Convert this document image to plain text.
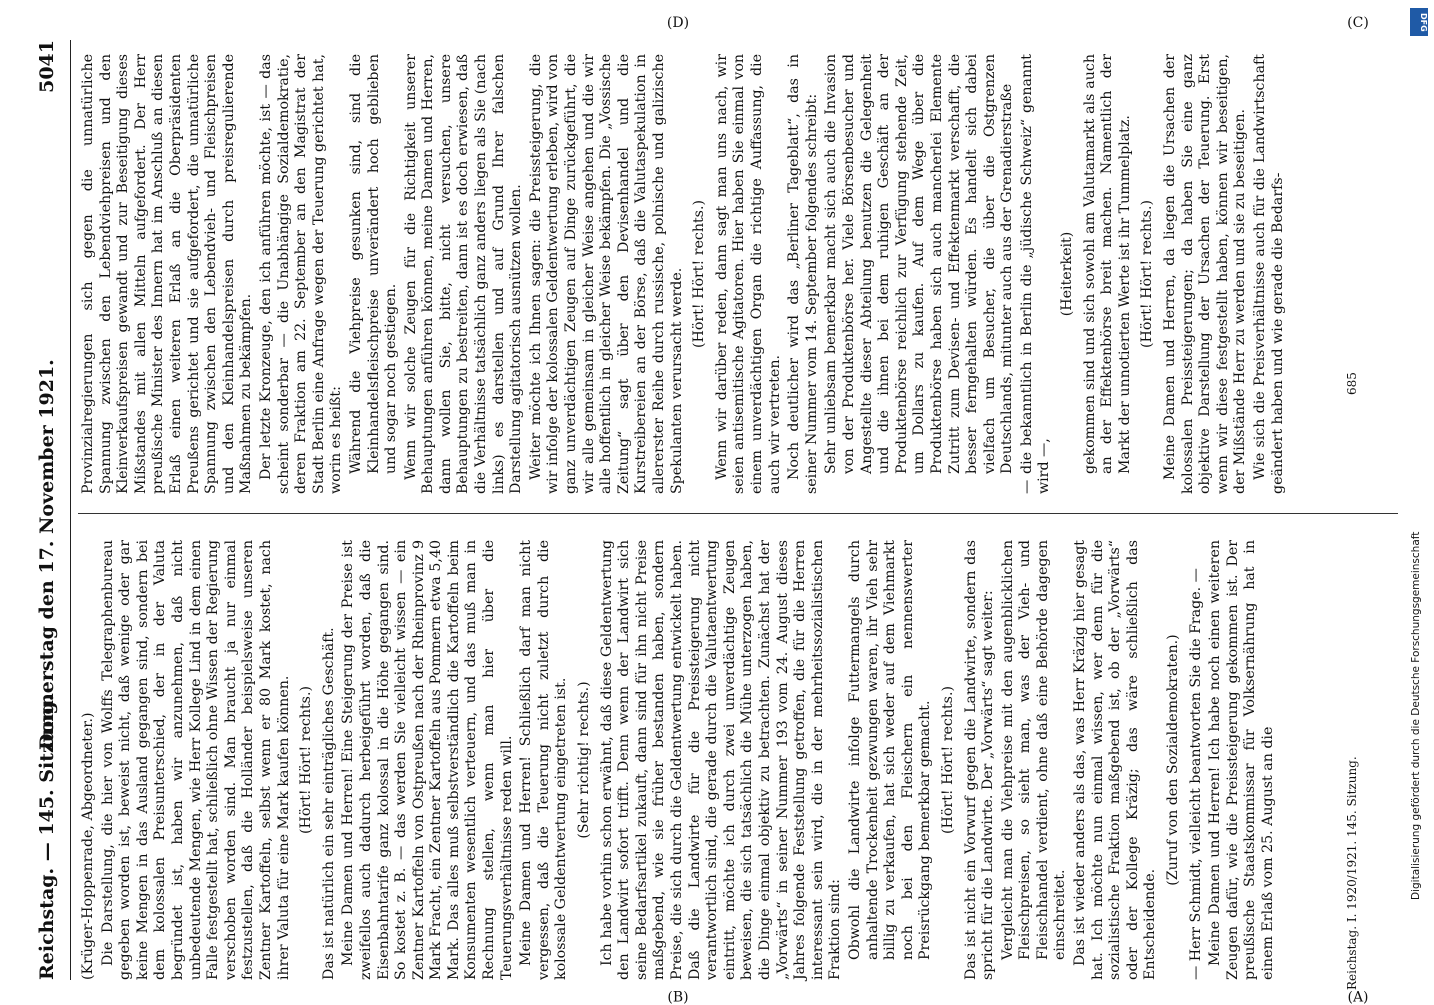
Reichstag. — 145. Sitzung.
Donnerstag den 17. November 1921.
5041

(Krüger-Hoppenrade, Abgeordneter.) Die Darstellung, die hier von Wolffs Telegraphenbureau gegeben worden ist, beweist nicht, daß wenige oder gar keine Mengen in das Ausland gegangen sind, sondern bei dem kolossalen Preisunterschied, der in der Valuta begründet ist, haben wir anzunehmen, daß nicht unbedeutende Mengen, wie Herr Kollege Lind in dem einen Falle festgestellt hat, schließlich ohne Wissen der Regierung verschoben worden sind. Man braucht ja nur einmal festzustellen, daß die Holländer beispielsweise unseren Zentner Kartoffeln, selbst wenn er 80 Mark kostet, nach ihrer Valuta für eine Mark kaufen können. (Hört! Hört! rechts.) Das ist natürlich ein sehr einträgliches Geschäft. Meine Damen und Herren! Eine Steigerung der Preise ist zweifellos auch dadurch herbeigeführt worden, daß die Eisenbahntarife ganz kolossal in die Höhe gegangen sind. So kostet z. B. — das werden Sie vielleicht wissen — ein Zentner Kartoffeln von Ostpreußen nach der Rheinprovinz 9 Mark Fracht, ein Zentner Kartoffeln aus Pommern etwa 5,40 Mark. Das alles muß selbstverständlich die Kartoffeln beim Konsumenten wesentlich verteuern, und das muß man in Rechnung stellen, wenn man hier über die Teuerungsverhältnisse reden will. Meine Damen und Herren! Schließlich darf man nicht vergessen, daß die Teuerung nicht zuletzt durch die kolossale Geldentwertung eingetreten ist. (Sehr richtig! rechts.) Ich habe vorhin schon erwähnt, daß diese Geldentwertung den Landwirt sofort trifft. Denn wenn der Landwirt sich seine Bedarfsartikel zukauft, dann sind für ihn nicht Preise maßgebend, wie sie früher bestanden haben, sondern Preise, die sich durch die Geldentwertung entwickelt haben. Daß die Landwirte für die Preissteigerung nicht verantwortlich sind, die gerade durch die Valutaentwertung eintritt, möchte ich durch zwei unverdächtige Zeugen beweisen, die sich tatsächlich die Mühe unterzogen haben, die Dinge einmal objektiv zu betrachten. Zunächst hat der „Vorwärts“ in seiner Nummer 193 vom 24. August dieses Jahres folgende Feststellung getroffen, die für die Herren interessant sein wird, die in der mehrheitssozialistischen Fraktion sind: Obwohl die Landwirte infolge Futtermangels durch anhaltende Trockenheit gezwungen waren, ihr Vieh sehr billig zu verkaufen, hat sich weder auf dem Viehmarkt noch bei den Fleischern ein nennenswerter Preisrückgang bemerkbar gemacht. (Hört! Hört! rechts.) Das ist nicht ein Vorwurf gegen die Landwirte, sondern das spricht für die Landwirte. Der „Vorwärts“ sagt weiter: Vergleicht man die Viehpreise mit den augenblicklichen Fleischpreisen, so sieht man, was der Vieh- und Fleischhandel verdient, ohne daß eine Behörde dagegen einschreitet. Das ist wieder anders als das, was Herr Kräzig hier gesagt hat. Ich möchte nun einmal wissen, wer denn für die sozialistische Fraktion maßgebend ist, ob der „Vorwärts“ oder der Kollege Kräzig; das wäre schließlich das Entscheidende.

(Zuruf von den Sozialdemokraten.) — Herr Schmidt, vielleicht beantworten Sie die Frage. — Meine Damen und Herren! Ich habe noch einen weiteren Zeugen dafür, wie die Preissteigerung gekommen ist. Der preußische Staatskommissar für Volksernährung hat in einem Erlaß vom 25. August an die

Provinzialregierungen sich gegen die unnatürliche Spannung zwischen den Lebendviehpreisen und den Kleinverkaufspreisen gewandt und zur Beseitigung dieses Mißstandes mit allen Mitteln aufgefordert. Der Herr preußische Minister des Innern hat im Anschluß an diesen Erlaß einen weiteren Erlaß an die Oberpräsidenten Preußens gerichtet und sie aufgefordert, die unnatürliche Spannung zwischen den Lebendvieh- und Fleischpreisen und den Kleinhandelspreisen durch preisregulierende Maßnahmen zu bekämpfen. Der letzte Kronzeuge, den ich anführen möchte, ist — das scheint sonderbar — die Unabhängige Sozialdemokratie, deren Fraktion am 22. September an den Magistrat der Stadt Berlin eine Anfrage wegen der Teuerung gerichtet hat, worin es heißt: Während die Viehpreise gesunken sind, sind die Kleinhandelsfleischpreise unverändert hoch geblieben und sogar noch gestiegen. Wenn wir solche Zeugen für die Richtigkeit unserer Behauptungen anführen können, meine Damen und Herren, dann wollen Sie, bitte, nicht versuchen, unsere Behauptungen zu bestreiten, dann ist es doch erwiesen, daß die Verhältnisse tatsächlich ganz anders liegen als Sie (nach links) es darstellen und auf Grund Ihrer falschen Darstellung agitatorisch ausnützen wollen. Weiter möchte ich Ihnen sagen: die Preissteigerung, die wir infolge der kolossalen Geldentwertung erleben, wird von ganz unverdächtigen Zeugen auf Dinge zurückgeführt, die wir alle gemeinsam in gleicher Weise angehen und die wir alle hoffentlich in gleicher Weise bekämpfen. Die „Vossische Zeitung“ sagt über den Devisenhandel und die Kurstreibereien an der Börse, daß die Valutaspekulation in allererster Reihe durch russische, polnische und galizische Spekulanten verursacht werde. (Hört! Hört! rechts.) Wenn wir darüber reden, dann sagt man uns nach, wir seien antisemitische Agitatoren. Hier haben Sie einmal von einem unverdächtigen Organ die richtige Auffassung, die auch wir vertreten. Noch deutlicher wird das „Berliner Tageblatt“, das in seiner Nummer vom 14. September folgendes schreibt: Sehr unliebsam bemerkbar macht sich auch die Invasion von der Produktenbörse her. Viele Börsenbesucher und Angestellte dieser Abteilung benutzen die Gelegenheit und die ihnen bei dem ruhigen Geschäft an der Produktenbörse reichlich zur Verfügung stehende Zeit, um Dollars zu kaufen. Auf dem Wege über die Produktenbörse haben sich auch mancherlei Elemente Zutritt zum Devisen- und Effektenmarkt verschafft, die besser ferngehalten würden. Es handelt sich dabei vielfach um Besucher, die über die Ostgrenzen Deutschlands, mitunter auch aus der Grenadierstraße — die bekanntlich in Berlin die „jüdische Schweiz“ genannt wird —,

(Heiterkeit) gekommen sind und sich sowohl am Valutamarkt als auch an der Effektenbörse breit machen. Namentlich der Markt der unnotierten Werte ist ihr Tummelplatz. (Hört! Hört! rechts.) Meine Damen und Herren, da liegen die Ursachen der kolossalen Preissteigerungen; da haben Sie eine ganz objektive Darstellung der Ursachen der Teuerung. Erst wenn wir diese festgestellt haben, können wir beseitigen, der Mißstände Herr zu werden und sie zu beseitigen. Wie sich die Preisverhältnisse auch für die Landwirtschaft geändert haben und wie gerade die Bedarfs-

(A)
(B)
(C)
(D)
Reichstag. I. 1920/1921. 145. Sitzung.
685
DFG
Digitalisierung gefördert durch die Deutsche Forschungsgemeinschaft
